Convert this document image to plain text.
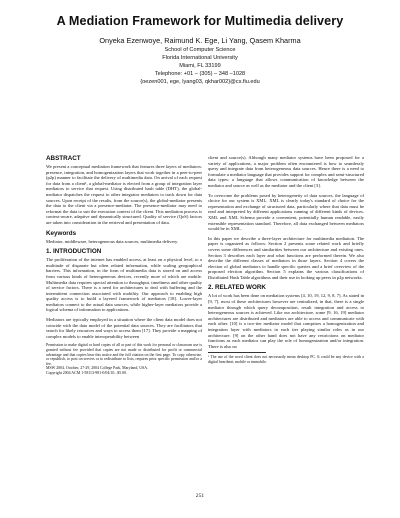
A Mediation Framework for Multimedia delivery
Onyeka Ezenwoye, Raimund K. Ege, Li Yang, Qasem Kharma
School of Computer Science
Florida International University
Miami, FL 33199
Telephone: +01 – (305) – 348 –1028
{oezen001, ege, lyang03, qkhar002}@cs.fiu.edu
ABSTRACT

We present a conceptual mediation framework that features three layers of mediators: presence, integration, and homogenization layers that work together in a peer-to-peer (p2p) manner to facilitate the delivery of multimedia data. On arrival of each request for data from a client¹, a global-mediator is elected from a group of integration layer mediators to service that request. Using distributed hash table (DHT), the global-mediator dispatches the request to other integrator mediators to track down for data sources. Upon receipt of the results, from the source(s), the global-mediator presents the data to the client via a presence-mediator. The presence-mediator may need to reformat the data to suit the execution context of the client. This mediation process is context-aware, adaptive and dynamically structured. Quality of service (QoS) factors are taken into consideration in the retrieval and presentation of data.

Keywords

Mediator, middleware, heterogeneous data sources, multimedia delivery.

1. INTRODUCTION

The proliferation of the internet has enabled access, at least on a physical level, to a multitude of disparate but often related information, while scaling geographical barriers. This information, in the form of multimedia data is stored on and access from various kinds of heterogeneous devices, recently more of which are mobile. Multimedia data requires special attention to throughput, timeliness and other quality of service factors. There is a need for architectures to deal with buffering and the intermittent connection associated with mobility. Our approach to enabling high quality access is to build a layered framework of mediators [18]. Lower-layer mediators connect to the actual data sources, while higher-layer mediators provide a logical schema of information to applications.

Mediators are typically employed in a situation where the client data model does not coincide with the data model of the potential data sources. They are facilitators that search for likely resources and ways to access them [17]. They provide a mapping of complex models to enable interoperability between

Permission to make digital or hard copies of all or part of this work for personal or classroom use is granted without fee provided that copies are not made or distributed for profit or commercial advantage and that copies bear this notice and the full citation on the first page. To copy otherwise, or republish, to post on servers or to redistribute to lists, requires prior specific permission and/or a fee.

MSW 2004, October, 27-29, 2004 College Park, Maryland, USA.

Copyright 2004 ACM 1-58113-981-0/04/10...$5.00.

client and source(s). Although many mediator systems have been proposed for a variety of applications, a major problem often encountered is how to seamlessly query and integrate data from heterogeneous data sources. Hence there is a need to formulate a mediator language that provides support for complex and semi-structured data types: a language that allows communication of knowledge between the mediator and source as well as the mediator and the client [3].

To overcome the problems posed by heterogeneity of data sources, the language of choice for our system is XML. XML is clearly today's standard of choice for the representation and exchange of structured data, particularly where that data must be read and interpreted by different applications running of different kinds of devices. XML and XML Schema provide a convenient, potentially human readable, easily extensible representation standard. Therefore, all data exchanged between mediators would be in XML.

In this paper we describe a three-layer architecture for multimedia mediation. The paper is organized as follows: Section 2 presents some related work and briefly covers some differences and similarities between our architecture and existing ones. Section 3 describes each layer and what functions are performed therein. We also describe the different classes of mediators in those layers. Section 4 covers the election of global mediators to handle specific queries and a brief overview of the proposed election algorithm. Section 5 explains the various classifications of Distributed Hash Table algorithms and their use in looking up peers in p2p networks.

2. RELATED WORK

A lot of work has been done on mediation systems [4, 10, 19, 12, 9, 8, 7]. As stated in [9, 7], most of these architectures however are centralized, in that, there is a single mediator through which query decomposition, result integration and access to heterogeneous sources is achieved. Like our architecture, some [9, 16, 19] mediator architectures are distributed and mediators are able to access and communicate with each other. [10] is a two-tier mediator model that comprises a homogenization and integration layer with mediators in each tier playing similar roles as in our architecture. [9] on the other hand does not have any restrictions on mediator functions as each mediator can play the role of homogenization and/or integration. There is also no

¹ The use of the word client does not necessarily mean desktop PC. It could be any device with a digital heartbeat, mobile or immobile.

251
